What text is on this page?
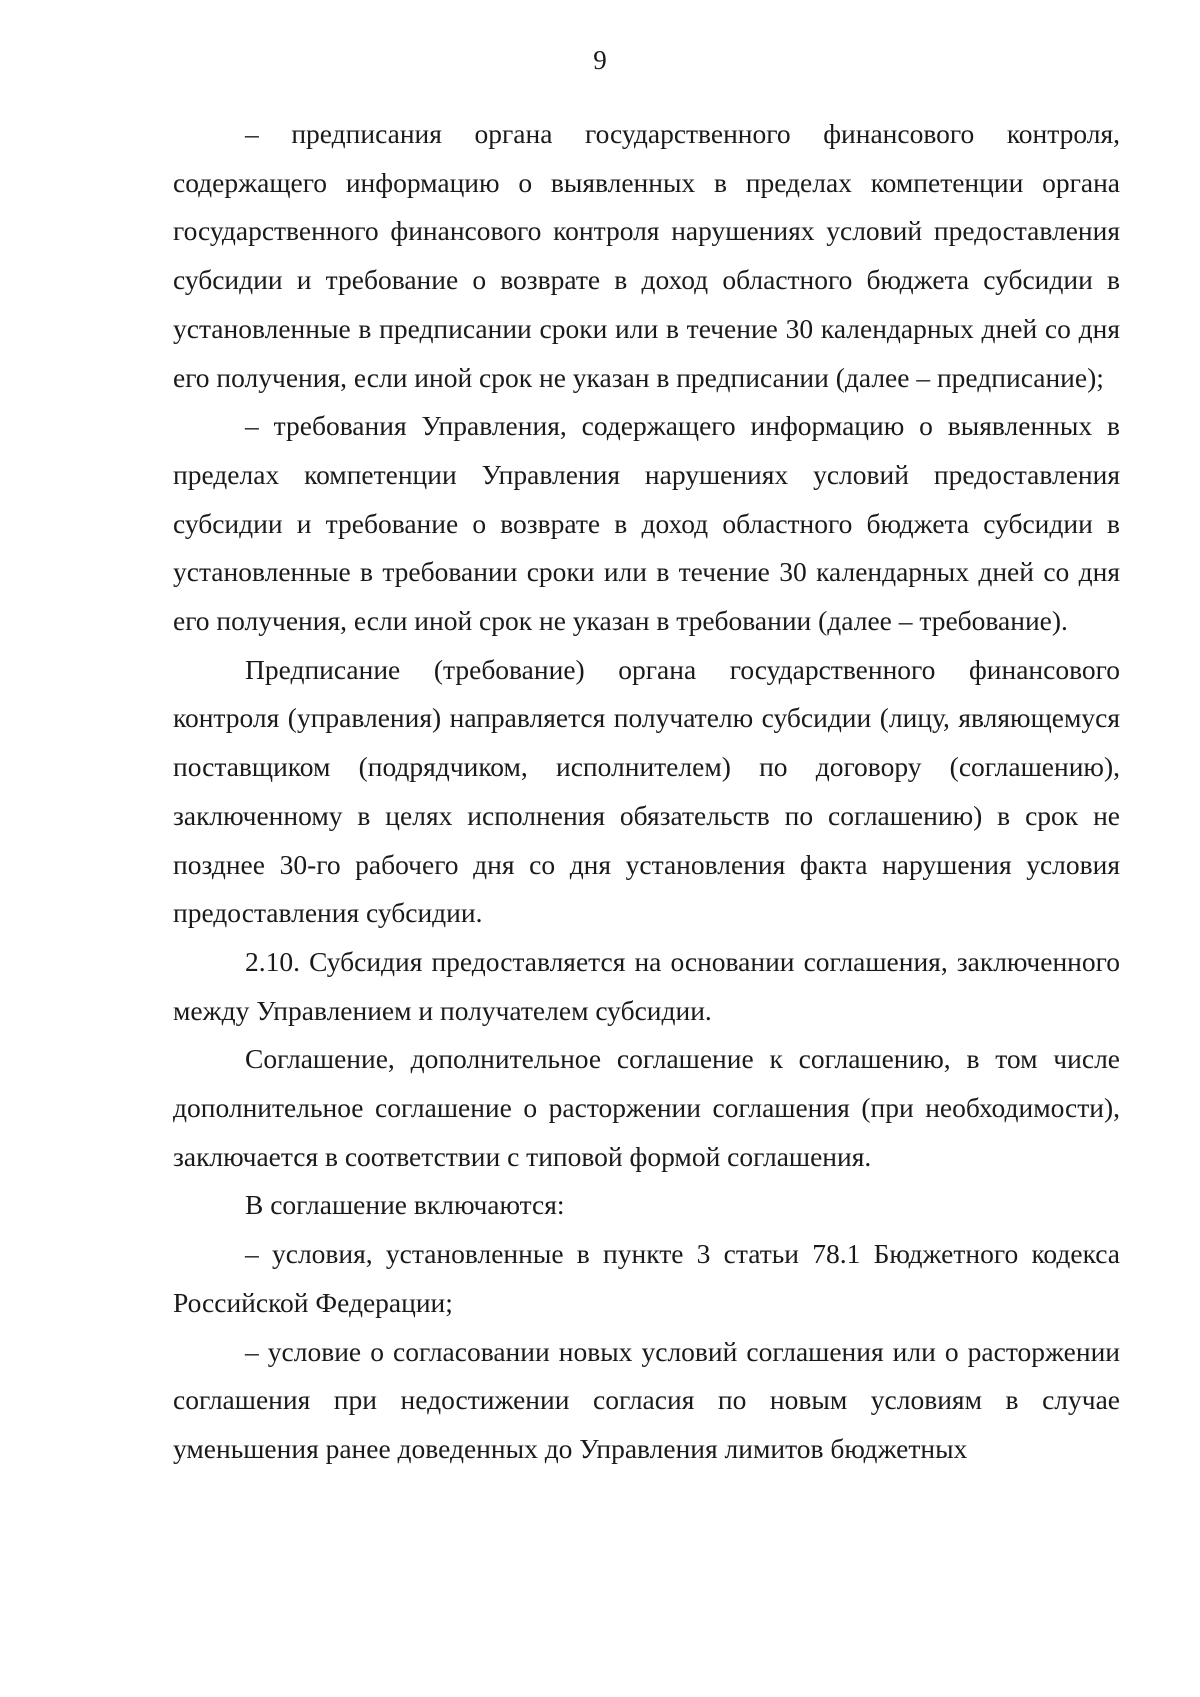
9

– предписания органа государственного финансового контроля, содержащего информацию о выявленных в пределах компетенции органа государственного финансового контроля нарушениях условий предоставления субсидии и требование о возврате в доход областного бюджета субсидии в установленные в предписании сроки или в течение 30 календарных дней со дня его получения, если иной срок не указан в предписании (далее – предписание);

– требования Управления, содержащего информацию о выявленных в пределах компетенции Управления нарушениях условий предоставления субсидии и требование о возврате в доход областного бюджета субсидии в установленные в требовании сроки или в течение 30 календарных дней со дня его получения, если иной срок не указан в требовании (далее – требование).

Предписание (требование) органа государственного финансового контроля (управления) направляется получателю субсидии (лицу, являющемуся поставщиком (подрядчиком, исполнителем) по договору (соглашению), заключенному в целях исполнения обязательств по соглашению) в срок не позднее 30-го рабочего дня со дня установления факта нарушения условия предоставления субсидии.

2.10. Субсидия предоставляется на основании соглашения, заключенного между Управлением и получателем субсидии.

Соглашение, дополнительное соглашение к соглашению, в том числе дополнительное соглашение о расторжении соглашения (при необходимости), заключается в соответствии с типовой формой соглашения.

В соглашение включаются:

– условия, установленные в пункте 3 статьи 78.1 Бюджетного кодекса Российской Федерации;

– условие о согласовании новых условий соглашения или о расторжении соглашения при недостижении согласия по новым условиям в случае уменьшения ранее доведенных до Управления лимитов бюджетных
